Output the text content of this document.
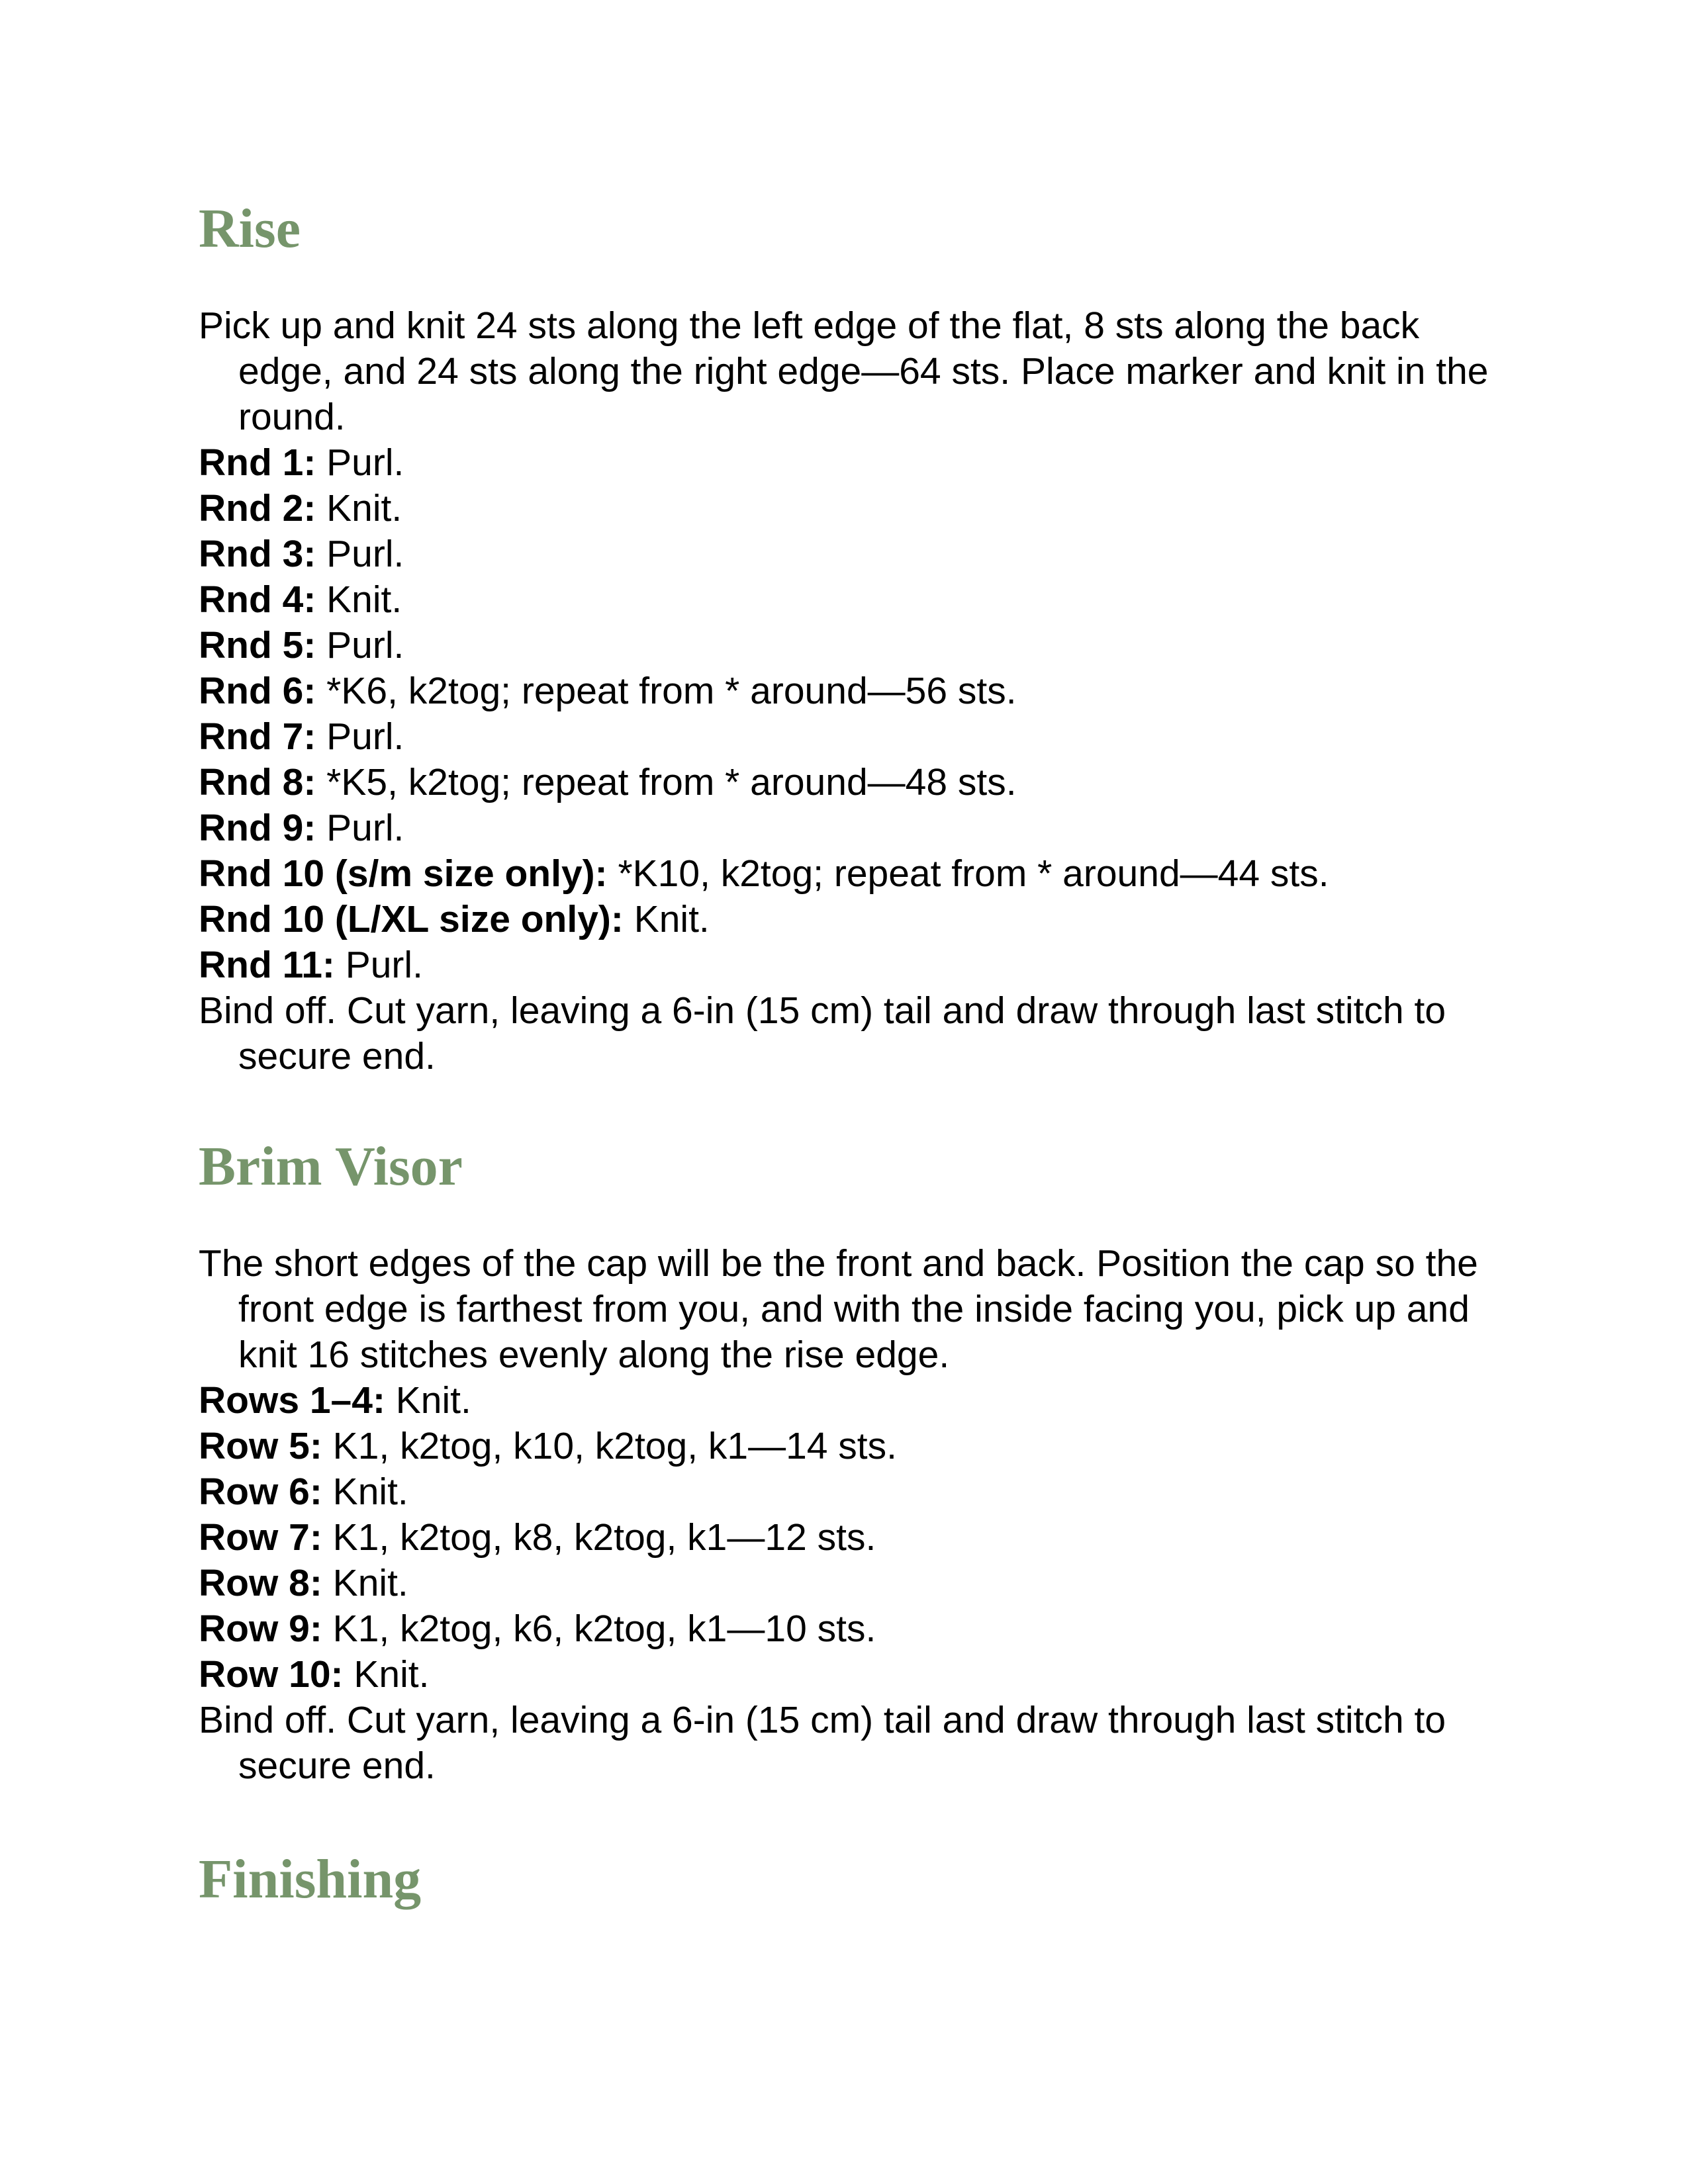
Rise

Pick up and knit 24 sts along the left edge of the flat, 8 sts along the back edge, and 24 sts along the right edge—64 sts. Place marker and knit in the round.

Rnd 1: Purl.

Rnd 2: Knit.

Rnd 3: Purl.

Rnd 4: Knit.

Rnd 5: Purl.

Rnd 6: *K6, k2tog; repeat from * around—56 sts.

Rnd 7: Purl.

Rnd 8: *K5, k2tog; repeat from * around—48 sts.

Rnd 9: Purl.

Rnd 10 (s/m size only): *K10, k2tog; repeat from * around—44 sts.

Rnd 10 (L/XL size only): Knit.

Rnd 11: Purl.

Bind off. Cut yarn, leaving a 6-in (15 cm) tail and draw through last stitch to secure end.

Brim Visor

The short edges of the cap will be the front and back. Position the cap so the front edge is farthest from you, and with the inside facing you, pick up and knit 16 stitches evenly along the rise edge.

Rows 1–4: Knit.

Row 5: K1, k2tog, k10, k2tog, k1—14 sts.

Row 6: Knit.

Row 7: K1, k2tog, k8, k2tog, k1—12 sts.

Row 8: Knit.

Row 9: K1, k2tog, k6, k2tog, k1—10 sts.

Row 10: Knit.

Bind off. Cut yarn, leaving a 6-in (15 cm) tail and draw through last stitch to secure end.

Finishing
